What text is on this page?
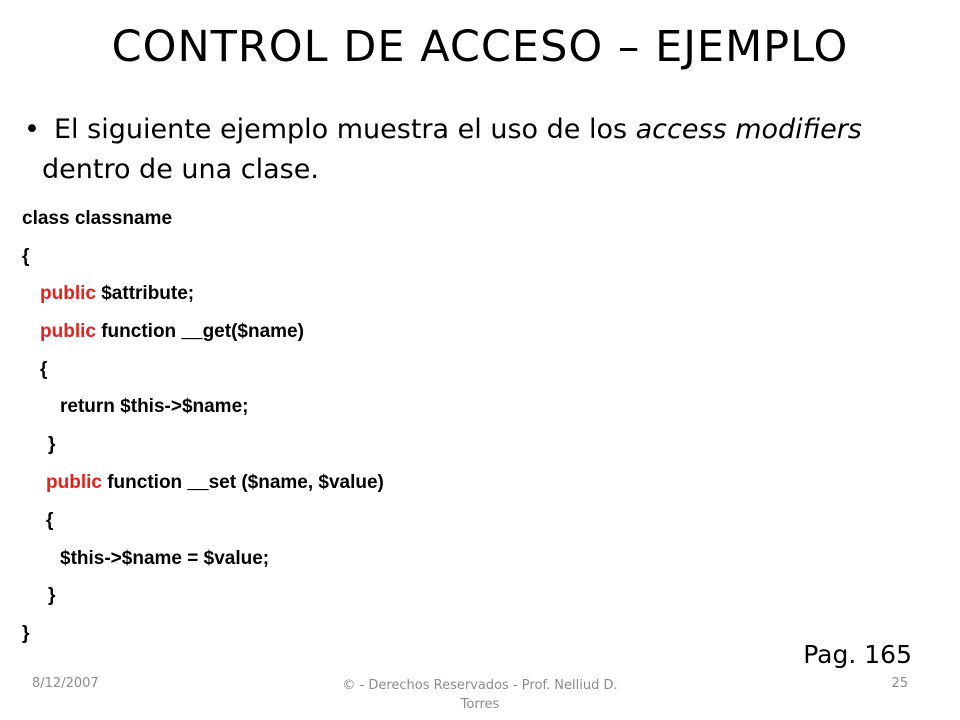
CONTROL DE ACCESO – EJEMPLO
• El siguiente ejemplo muestra el uso de los access modifiers
dentro de una clase.
class classname
{
public $attribute;
public function __get($name)
{
return $this->$name;
}
public function __set ($name, $value)
{
$this->$name = $value;
}
}
Pag. 165
8/12/2007	© - Derechos Reservados - Prof. Nelliud D.
Torres
25
